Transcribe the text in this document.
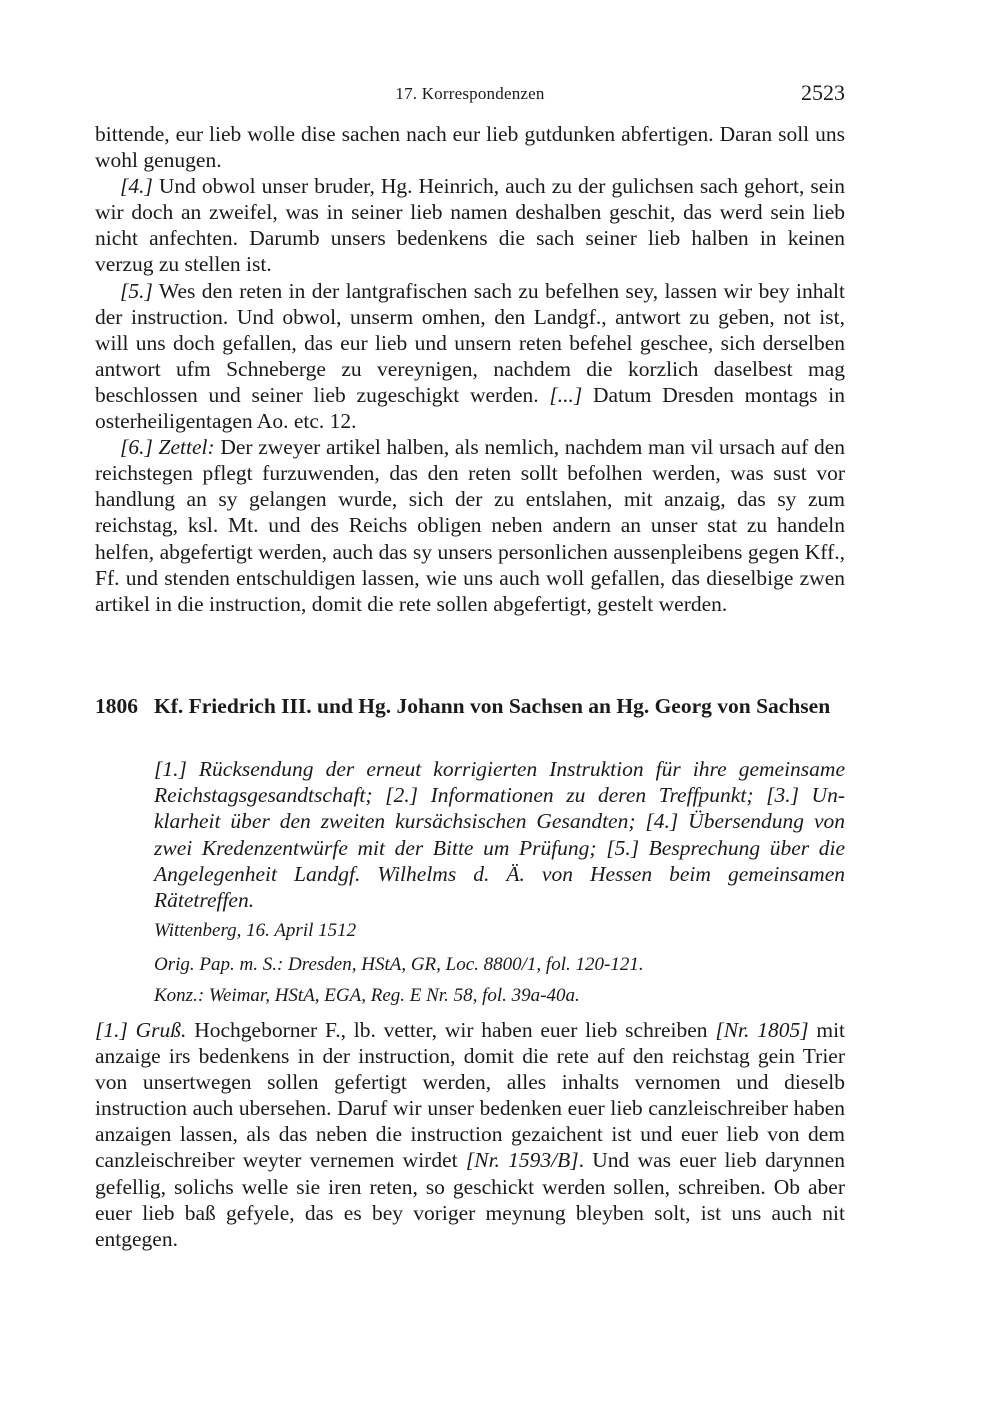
17. Korrespondenzen	2523

bittende, eur lieb wolle dise sachen nach eur lieb gutdunken abfertigen. Daran soll uns wohl genugen.

[4.] Und obwol unser bruder, Hg. Heinrich, auch zu der gulichsen sach gehort, sein wir doch an zweifel, was in seiner lieb namen deshalben geschit, das werd sein lieb nicht anfechten. Darumb unsers bedenkens die sach seiner lieb halben in keinen verzug zu stellen ist.

[5.] Wes den reten in der lantgrafischen sach zu befelhen sey, lassen wir bey inhalt der instruction. Und obwol, unserm omhen, den Landgf., antwort zu geben, not ist, will uns doch gefallen, das eur lieb und unsern reten befehel geschee, sich derselben antwort ufm Schneberge zu vereynigen, nachdem die korzlich daselbest mag beschlossen und seiner lieb zugeschigkt werden. [...] Datum Dresden montags in osterheiligentagen Ao. etc. 12.

[6.] Zettel: Der zweyer artikel halben, als nemlich, nachdem man vil ursach auf den reichstegen pflegt furzuwenden, das den reten sollt befolhen werden, was sust vor handlung an sy gelangen wurde, sich der zu entslahen, mit anzaig, das sy zum reichstag, ksl. Mt. und des Reichs obligen neben andern an unser stat zu handeln helfen, abgefertigt werden, auch das sy unsers personlichen aussenpleibens gegen Kff., Ff. und stenden entschuldigen lassen, wie uns auch woll gefallen, das dieselbige zwen artikel in die instruction, domit die rete sollen abgefertigt, gestelt werden.

1806 Kf. Friedrich III. und Hg. Johann von Sachsen an Hg. Georg von Sachsen
[1.] Rücksendung der erneut korrigierten Instruktion für ihre gemeinsame Reichstagsgesandtschaft; [2.] Informationen zu deren Treffpunkt; [3.] Unklarheit über den zweiten kursächsischen Gesandten; [4.] Übersendung von zwei Kredenzentwürfe mit der Bitte um Prüfung; [5.] Besprechung über die Angelegenheit Landgf. Wilhelms d. Ä. von Hessen beim gemeinsamen Rätetreffen.
Wittenberg, 16. April 1512
Orig. Pap. m. S.: Dresden, HStA, GR, Loc. 8800/1, fol. 120-121.
Konz.: Weimar, HStA, EGA, Reg. E Nr. 58, fol. 39a-40a.

[1.] Gruß. Hochgeborner F., lb. vetter, wir haben euer lieb schreiben [Nr. 1805] mit anzaige irs bedenkens in der instruction, domit die rete auf den reichstag gein Trier von unsertwegen sollen gefertigt werden, alles inhalts vernomen und dieselb instruction auch ubersehen. Daruf wir unser bedenken euer lieb canzleischreiber haben anzaigen lassen, als das neben die instruction gezaichent ist und euer lieb von dem canzleischreiber weyter vernemen wirdet [Nr. 1593/B]. Und was euer lieb darynnen gefellig, solichs welle sie iren reten, so geschickt werden sollen, schreiben. Ob aber euer lieb baß gefyele, das es bey voriger meynung bleyben solt, ist uns auch nit entgegen.
